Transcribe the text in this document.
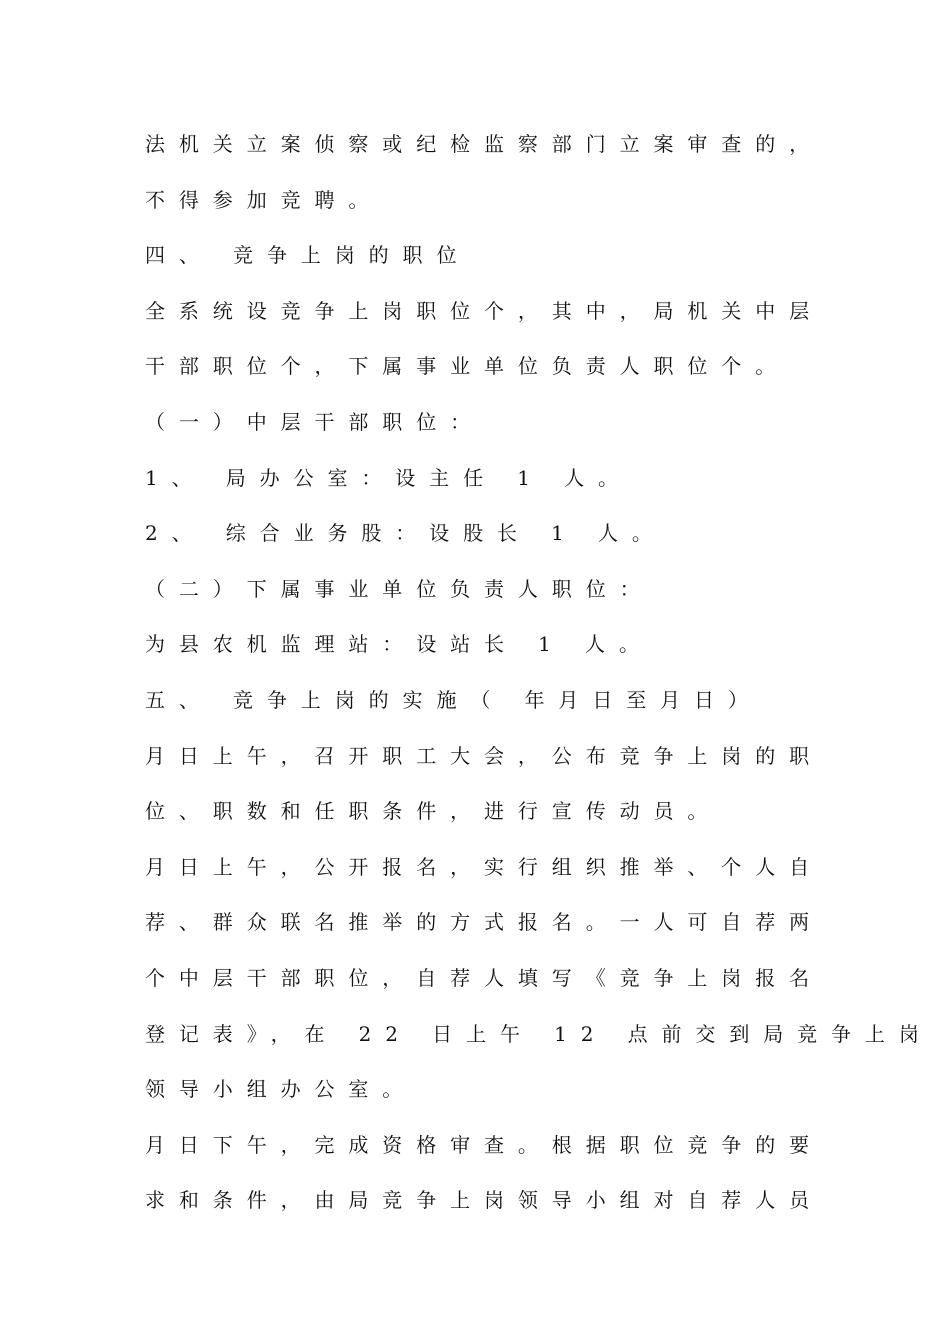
法机关立案侦察或纪检监察部门立案审查的，
不得参加竞聘。
四、 竞争上岗的职位
全系统设竞争上岗职位个，其中，局机关中层
干部职位个，下属事业单位负责人职位个。
（一）中层干部职位：
1、 局办公室：设主任 1 人。
2、 综合业务股：设股长 1 人。
（二）下属事业单位负责人职位：
为县农机监理站：设站长 1 人。
五、 竞争上岗的实施（ 年月日至月日）
月日上午，召开职工大会，公布竞争上岗的职
位、职数和任职条件，进行宣传动员。
月日上午，公开报名，实行组织推举、个人自
荐、群众联名推举的方式报名。一人可自荐两
个中层干部职位，自荐人填写《竞争上岗报名
登记表》，在 22 日上午 12 点前交到局竞争上岗
领导小组办公室。
月日下午，完成资格审查。根据职位竞争的要
求和条件，由局竞争上岗领导小组对自荐人员
